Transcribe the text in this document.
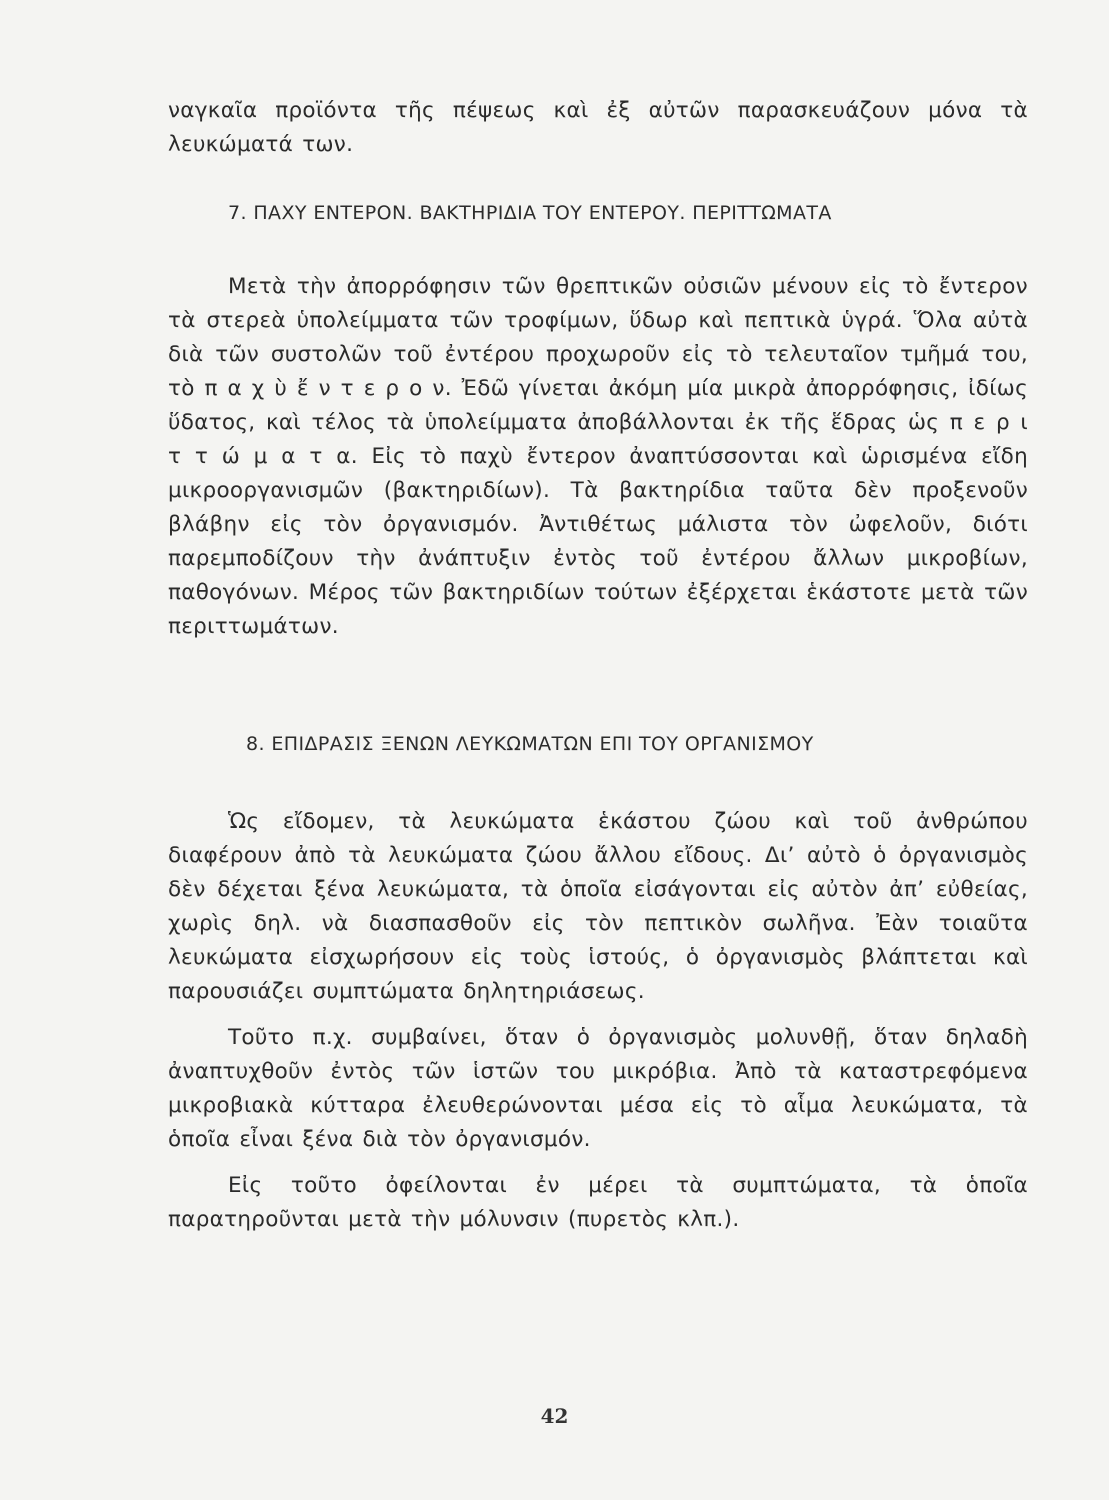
ναγκαῖα προϊόντα τῆς πέψεως καὶ ἐξ αὐτῶν παρασκευάζουν μόνα τὰ λευκώματά των.

7. ΠΑΧΥ ΕΝΤΕΡΟΝ. ΒΑΚΤΗΡΙΔΙΑ ΤΟΥ ΕΝΤΕΡΟΥ. ΠΕΡΙΤΤΩΜΑΤΑ

Μετὰ τὴν ἀπορρόφησιν τῶν θρεπτικῶν οὐσιῶν μένουν εἰς τὸ ἔντερον τὰ στερεὰ ὑπολείμματα τῶν τροφίμων, ὕδωρ καὶ πεπτικὰ ὑγρά. Ὅλα αὐτὰ διὰ τῶν συστολῶν τοῦ ἐντέρου προχωροῦν εἰς τὸ τελευταῖον τμῆμά του, τὸ π α χ ὺ ἔ ν τ ε ρ ο ν. Ἐδῶ γίνεται ἀκόμη μία μικρὰ ἀπορρόφησις, ἰδίως ὕδατος, καὶ τέλος τὰ ὑπολείμματα ἀποβάλλονται ἐκ τῆς ἕδρας ὡς π ε ρ ι τ τ ώ μ α τ α. Εἰς τὸ παχὺ ἔντερον ἀναπτύσσονται καὶ ὡρισμένα εἴδη μικροοργανισμῶν (βακτηριδίων). Τὰ βακτηρίδια ταῦτα δὲν προξενοῦν βλάβην εἰς τὸν ὀργανισμόν. Ἀντιθέτως μάλιστα τὸν ὠφελοῦν, διότι παρεμποδίζουν τὴν ἀνάπτυξιν ἐντὸς τοῦ ἐντέρου ἄλλων μικροβίων, παθογόνων. Μέρος τῶν βακτηριδίων τούτων ἐξέρχεται ἑκάστοτε μετὰ τῶν περιττωμάτων.

8. ΕΠΙΔΡΑΣΙΣ ΞΕΝΩΝ ΛΕΥΚΩΜΑΤΩΝ ΕΠΙ ΤΟΥ ΟΡΓΑΝΙΣΜΟΥ

Ὡς εἴδομεν, τὰ λευκώματα ἑκάστου ζώου καὶ τοῦ ἀνθρώπου διαφέρουν ἀπὸ τὰ λευκώματα ζώου ἄλλου εἴδους. Δι’ αὐτὸ ὁ ὀργανισμὸς δὲν δέχεται ξένα λευκώματα, τὰ ὁποῖα εἰσάγονται εἰς αὐτὸν ἀπ’ εὐθείας, χωρὶς δηλ. νὰ διασπασθοῦν εἰς τὸν πεπτικὸν σωλῆνα. Ἐὰν τοιαῦτα λευκώματα εἰσχωρήσουν εἰς τοὺς ἱστούς, ὁ ὀργανισμὸς βλάπτεται καὶ παρουσιάζει συμπτώματα δηλητηριάσεως.

Τοῦτο π.χ. συμβαίνει, ὅταν ὁ ὀργανισμὸς μολυνθῇ, ὅταν δηλαδὴ ἀναπτυχθοῦν ἐντὸς τῶν ἱστῶν του μικρόβια. Ἀπὸ τὰ καταστρεφόμενα μικροβιακὰ κύτταρα ἐλευθερώνονται μέσα εἰς τὸ αἷμα λευκώματα, τὰ ὁποῖα εἶναι ξένα διὰ τὸν ὀργανισμόν.

Εἰς τοῦτο ὀφείλονται ἐν μέρει τὰ συμπτώματα, τὰ ὁποῖα παρατηροῦνται μετὰ τὴν μόλυνσιν (πυρετὸς κλπ.).

42
